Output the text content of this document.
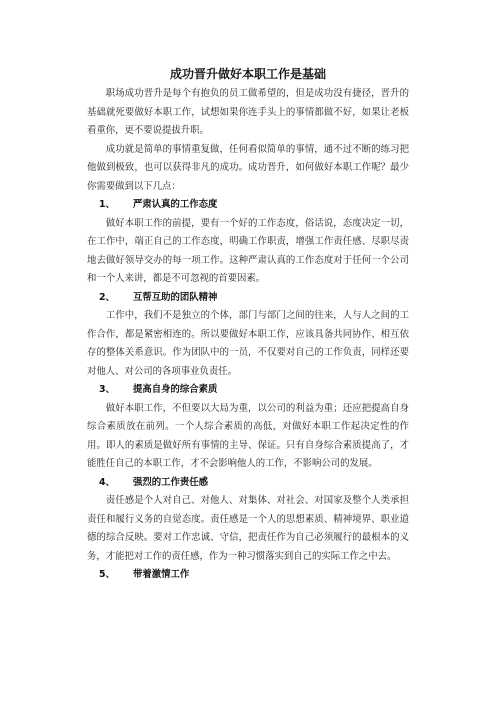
成功晋升做好本职工作是基础

职场成功晋升是每个有抱负的员工做希望的，但是成功没有捷径，晋升的基础就死要做好本职工作，试想如果你连手头上的事情都做不好，如果让老板看重你，更不要说提拔升职。

成功就是简单的事情重复做，任何看似简单的事情，通不过不断的练习把他做到极致，也可以获得非凡的成功。成功晋升，如何做好本职工作呢？最少你需要做到以下几点：

1、	严肃认真的工作态度

做好本职工作的前提，要有一个好的工作态度，俗话说，态度决定一切，在工作中，端正自己的工作态度，明确工作职责，增强工作责任感、尽职尽责地去做好领导交办的每一项工作。这种严肃认真的工作态度对于任何一个公司和一个人来讲，都是不可忽视的首要因素。

2、	互帮互助的团队精神

工作中，我们不是独立的个体，部门与部门之间的往来，人与人之间的工作合作，都是紧密相连的。所以要做好本职工作，应该具备共同协作、相互依存的整体关系意识。作为团队中的一员，不仅要对自己的工作负责，同样还要对他人、对公司的各项事业负责任。

3、	提高自身的综合素质

做好本职工作，不但要以大局为重，以公司的利益为重；还应把提高自身综合素质放在前列。一个人综合素质的高低，对做好本职工作起决定性的作用。即人的素质是做好所有事情的主导、保证。只有自身综合素质提高了，才能胜任自己的本职工作，才不会影响他人的工作，不影响公司的发展。

4、	强烈的工作责任感

责任感是个人对自己、对他人、对集体、对社会、对国家及整个人类承担责任和履行义务的自觉态度。责任感是一个人的思想素质、精神境界、职业道德的综合反映。要对工作忠诚、守信，把责任作为自己必须履行的最根本的义务，才能把对工作的责任感，作为一种习惯落实到自己的实际工作之中去。

5、	带着激情工作
